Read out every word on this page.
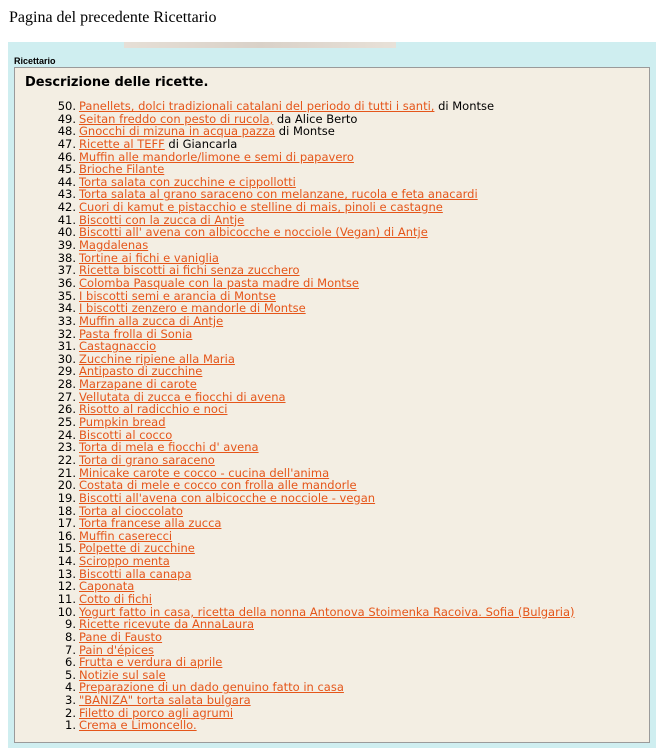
Pagina del precedente Ricettario
Ricettario
Descrizione delle ricette.
50. Panellets, dolci tradizionali catalani del periodo di tutti i santi, di Montse
49. Seitan freddo con pesto di rucola, da Alice Berto
48. Gnocchi di mizuna in acqua pazza di Montse
47. Ricette al TEFF di Giancarla
46. Muffin alle mandorle/limone e semi di papavero
45. Brioche Filante
44. Torta salata con zucchine e cippollotti
43. Torta salata al grano saraceno con melanzane, rucola e feta anacardi
42. Cuori di kamut e pistacchio e stelline di mais, pinoli e castagne
41. Biscotti con la zucca di Antje
40. Biscotti all' avena con albicocche e nocciole (Vegan) di Antje
39. Magdalenas
38. Tortine ai fichi e vaniglia
37. Ricetta biscotti ai fichi senza zucchero
36. Colomba Pasquale con la pasta madre di Montse
35. I biscotti semi e arancia di Montse
34. I biscotti zenzero e mandorle di Montse
33. Muffin alla zucca di Antje
32. Pasta frolla di Sonia
31. Castagnaccio
30. Zucchine ripiene alla Maria
29. Antipasto di zucchine
28. Marzapane di carote
27. Vellutata di zucca e fiocchi di avena
26. Risotto al radicchio e noci
25. Pumpkin bread
24. Biscotti al cocco
23. Torta di mela e fiocchi d' avena
22. Torta di grano saraceno
21. Minicake carote e cocco - cucina dell'anima
20. Costata di mele e cocco con frolla alle mandorle
19. Biscotti all'avena con albicocche e nocciole - vegan
18. Torta al cioccolato
17. Torta francese alla zucca
16. Muffin caserecci
15. Polpette di zucchine
14. Sciroppo menta
13. Biscotti alla canapa
12. Caponata
11. Cotto di fichi
10. Yogurt fatto in casa, ricetta della nonna Antonova Stoimenka Racoiva. Sofia (Bulgaria)
9. Ricette ricevute da AnnaLaura
8. Pane di Fausto
7. Pain d'épices
6. Frutta e verdura di aprile
5. Notizie sul sale
4. Preparazione di un dado genuino fatto in casa
3. "BANIZA" torta salata bulgara
2. Filetto di porco agli agrumi
1. Crema e Limoncello.
